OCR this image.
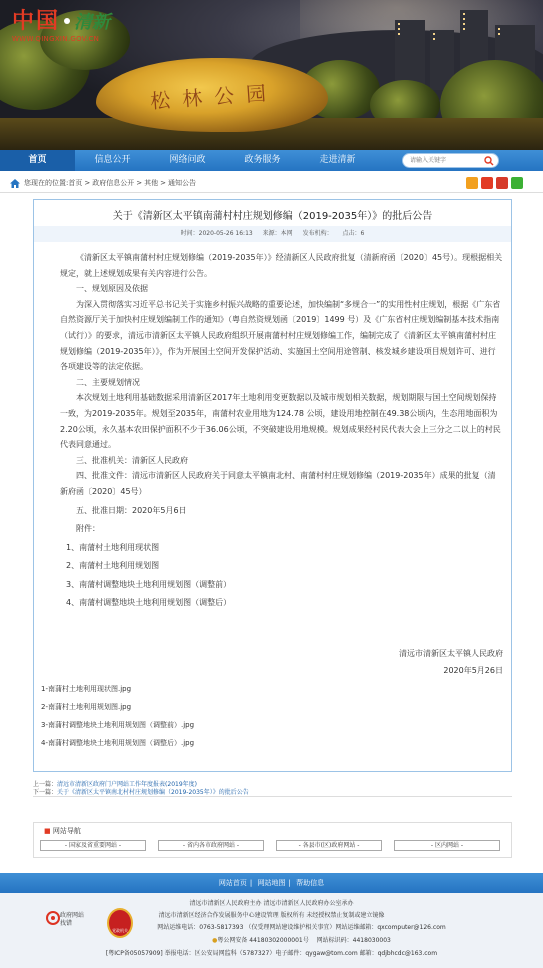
松林公园
中国 清新
WWW.QINGXIN.GOV.CN
首页	信息公开	网络问政	政务服务	走进清新
请输入关键字
您现在的位置: 首页 > 政府信息公开 > 其他 > 通知公告
关于《清新区太平镇南蒲村村庄规划修编（2019-2035年）》的批后公告
时间：2020-05-26 16:13 来源：本网 发布机构： 点击：6

《清新区太平镇南蒲村村庄规划修编（2019-2035年）》经清新区人民政府批复（清新府函〔2020〕45号）。现根据相关规定，就上述规划成果有关内容进行公告。

一、规划原因及依据

为深入贯彻落实习近平总书记关于实施乡村振兴战略的重要论述，加快编制“多规合一”的实用性村庄规划，根据《广东省自然资源厅关于加快村庄规划编制工作的通知》（粤自然资规划函〔2019〕1499 号）及《广东省村庄规划编制基本技术指南（试行）》的要求，清远市清新区太平镇人民政府组织开展南蒲村村庄规划修编工作，编制完成了《清新区太平镇南蒲村村庄规划修编（2019-2035年）》，作为开展国土空间开发保护活动、实施国土空间用途管制、核发城乡建设项目规划许可、进行各项建设等的法定依据。

二、主要规划情况

本次规划土地利用基础数据采用清新区2017年土地利用变更数据以及城市规划相关数据，规划期限与国土空间规划保持一致，为2019-2035年。规划至2035年，南蒲村农业用地为124.78 公顷，建设用地控制在49.38公顷内，生态用地面积为2.20公顷，永久基本农田保护面积不少于36.06公顷，不突破建设用地规模。规划成果经村民代表大会上三分之二以上的村民代表同意通过。

三、批准机关：清新区人民政府

四、批准文件：清远市清新区人民政府关于同意太平镇南北村、南蒲村村庄规划修编（2019-2035年）成果的批复（清新府函〔2020〕45号）

五、批准日期：2020年5月6日

附件：

1、南蒲村土地利用现状图

2、南蒲村土地利用规划图

3、南蒲村调整地块土地利用规划图（调整前）

4、南蒲村调整地块土地利用规划图（调整后）

清远市清新区太平镇人民政府
2020年5月26日
1-南蒲村土地利用现状图.jpg
2-南蒲村土地利用规划图.jpg
3-南蒲村调整地块土地利用规划图（调整前）.jpg
4-南蒲村调整地块土地利用规划图（调整后）.jpg
上一篇：清远市清新区政府门户网站工作年度报表(2019年度)
下一篇：关于《清新区太平镇南北村村庄规划修编（2019-2035年）》的批后公告
■ 网站导航
- 国家及省重要网站 -	- 省内各市政府网站 -	- 各县市(区)政府网站 -	- 区内网站 -
网站首页 | 网站地图 | 帮助信息
清远市清新区人民政府主办 清远市清新区人民政府办公室承办
清远市清新区经济合作发展服务中心建设管理 版权所有 未经授权禁止复制或建立镜像
网站运维电话：0763-5817393 （仅受理网站建设维护相关事宜）网站运维邮箱：qxcomputer@126.com
●粤公网安备 44180302000001号 网站标识码：4418030003
[粤ICP备05057909] 举报电话：区公安局网监科（5787327）电子邮件：qygaw@tom.com 邮箱：qdjbhcdc@163.com
政府网站找错
党政机关
